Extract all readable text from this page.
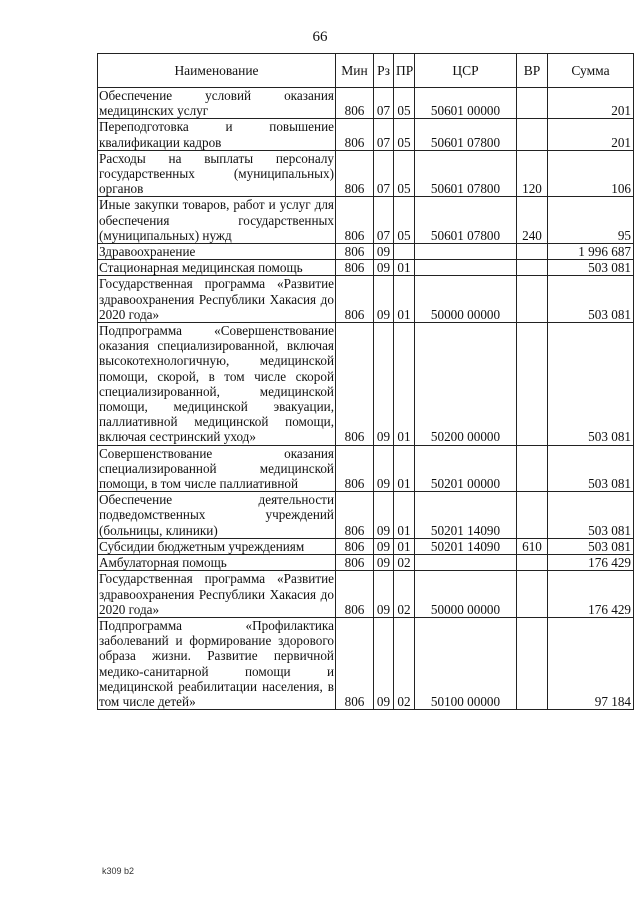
66
Наименование	Мин	Рз	ПР	ЦСР	ВР	Сумма
Обеспечение условий оказания медицинских услуг	806	07	05	50601 00000		201
Переподготовка и повышение квалификации кадров	806	07	05	50601 07800		201
Расходы на выплаты персоналу государственных (муниципальных) органов	806	07	05	50601 07800	120	106
Иные закупки товаров, работ и услуг для обеспечения государственных (муниципальных) нужд	806	07	05	50601 07800	240	95
Здравоохранение	806	09				1 996 687
Стационарная медицинская помощь	806	09	01			503 081
Государственная программа «Развитие здравоохранения Республики Хакасия до 2020 года»	806	09	01	50000 00000		503 081
Подпрограмма «Совершенствование оказания специализированной, включая высокотехнологичную, медицинской помощи, скорой, в том числе скорой специализированной, медицинской помощи, медицинской эвакуации, паллиативной медицинской помощи, включая сестринский уход»	806	09	01	50200 00000		503 081
Совершенствование оказания специализированной медицинской помощи, в том числе паллиативной	806	09	01	50201 00000		503 081
Обеспечение деятельности подведомственных учреждений (больницы, клиники)	806	09	01	50201 14090		503 081
Субсидии бюджетным учреждениям	806	09	01	50201 14090	610	503 081
Амбулаторная помощь	806	09	02			176 429
Государственная программа «Развитие здравоохранения Республики Хакасия до 2020 года»	806	09	02	50000 00000		176 429
Подпрограмма «Профилактика заболеваний и формирование здорового образа жизни. Развитие первичной медико-санитарной помощи и медицинской реабилитации населения, в том числе детей»	806	09	02	50100 00000		97 184
k309 b2
